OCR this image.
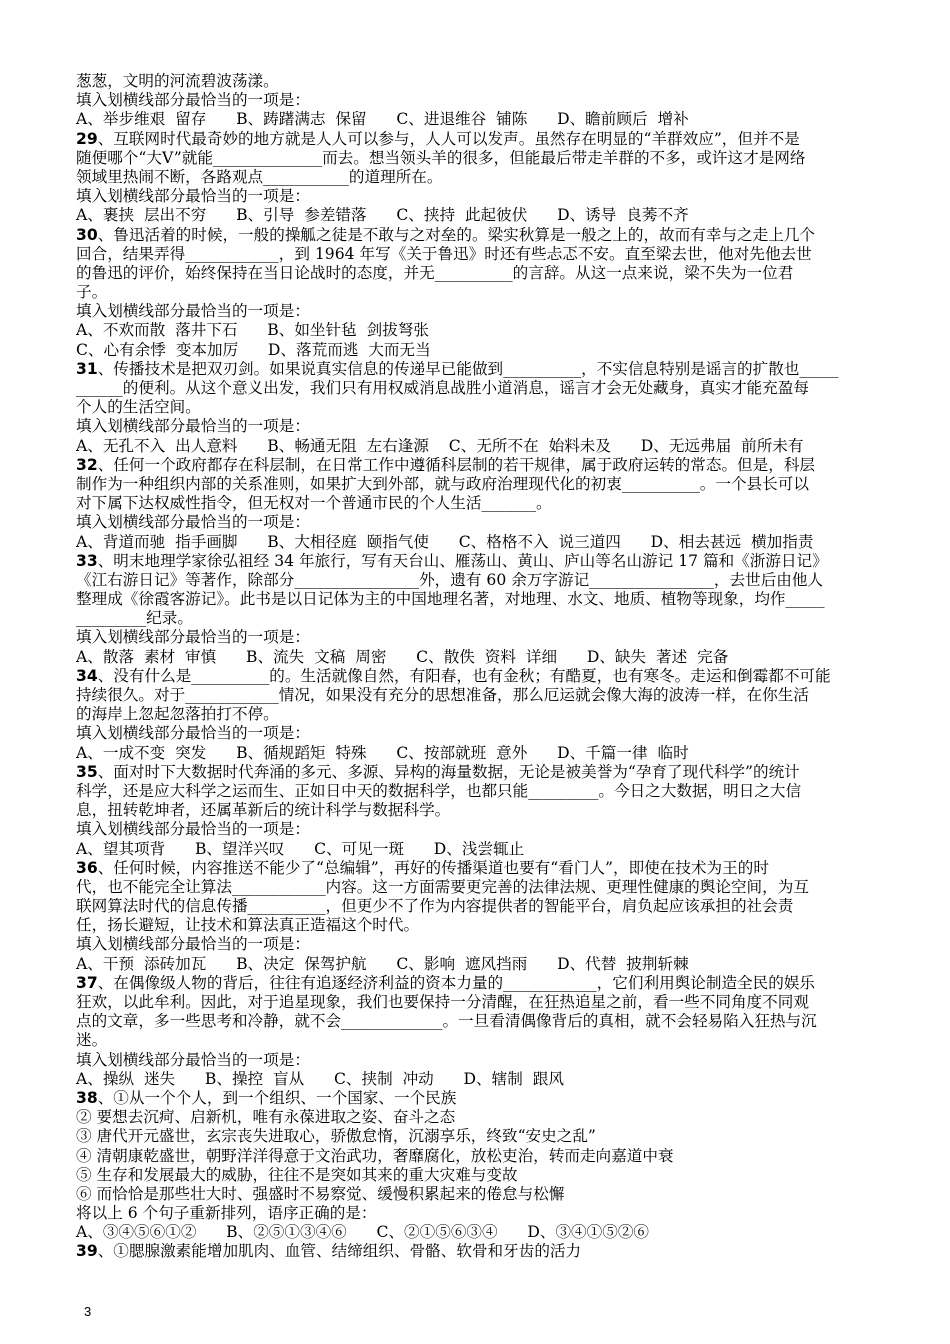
葱葱，文明的河流碧波荡漾。
填入划横线部分最恰当的一项是：
A、举步维艰  留存      B、踌躇满志  保留      C、进退维谷  铺陈      D、瞻前顾后  增补
29、互联网时代最奇妙的地方就是人人可以参与，人人可以发声。虽然存在明显的“羊群效应”，但并不是
随便哪个“大V”就能______________而去。想当领头羊的很多，但能最后带走羊群的不多，或许这才是网络
领域里热闹不断，各路观点___________的道理所在。
填入划横线部分最恰当的一项是：
A、裹挟  层出不穷      B、引导  参差错落      C、挟持  此起彼伏      D、诱导  良莠不齐
30、鲁迅活着的时候，一般的操觚之徒是不敢与之对垒的。梁实秋算是一般之上的，故而有幸与之走上几个
回合，结果弄得____________，到 1964 年写《关于鲁迅》时还有些忐忑不安。直至梁去世，他对先他去世
的鲁迅的评价，始终保持在当日论战时的态度，并无__________的言辞。从这一点来说，梁不失为一位君
子。
填入划横线部分最恰当的一项是：
A、不欢而散  落井下石      B、如坐针毡  剑拔弩张
C、心有余悸  变本加厉      D、落荒而逃  大而无当
31、传播技术是把双刃剑。如果说真实信息的传递早已能做到__________，不实信息特别是谣言的扩散也_____
______的便利。从这个意义出发，我们只有用权威消息战胜小道消息，谣言才会无处藏身，真实才能充盈每
个人的生活空间。
填入划横线部分最恰当的一项是：
A、无孔不入  出人意料      B、畅通无阻  左右逢源    C、无所不在  始料未及      D、无远弗届  前所未有
32、任何一个政府都存在科层制，在日常工作中遵循科层制的若干规律，属于政府运转的常态。但是，科层
制作为一种组织内部的关系准则，如果扩大到外部，就与政府治理现代化的初衷__________。一个县长可以
对下属下达权威性指令，但无权对一个普通市民的个人生活_______。
填入划横线部分最恰当的一项是：
A、背道而驰  指手画脚      B、大相径庭  颐指气使      C、格格不入  说三道四      D、相去甚远  横加指责
33、明末地理学家徐弘祖经 34 年旅行，写有天台山、雁荡山、黄山、庐山等名山游记 17 篇和《浙游日记》
《江右游日记》等著作，除部分________________外，遗有 60 余万字游记________________，去世后由他人
整理成《徐霞客游记》。此书是以日记体为主的中国地理名著，对地理、水文、地质、植物等现象，均作_____
_________纪录。
填入划横线部分最恰当的一项是：
A、散落  素材  审慎      B、流失  文稿  周密      C、散佚  资料  详细      D、缺失  著述  完备
34、没有什么是__________的。生活就像自然，有阳春，也有金秋；有酷夏，也有寒冬。走运和倒霉都不可能
持续很久。对于____________情况，如果没有充分的思想准备，那么厄运就会像大海的波涛一样，在你生活
的海岸上忽起忽落拍打不停。
填入划横线部分最恰当的一项是：
A、一成不变  突发      B、循规蹈矩  特殊      C、按部就班  意外      D、千篇一律  临时
35、面对时下大数据时代奔涌的多元、多源、异构的海量数据，无论是被美誉为“孕育了现代科学”的统计
科学，还是应大科学之运而生、正如日中天的数据科学，也都只能_________。今日之大数据，明日之大信
息，扭转乾坤者，还属革新后的统计科学与数据科学。
填入划横线部分最恰当的一项是：
A、望其项背      B、望洋兴叹      C、可见一斑      D、浅尝辄止
36、任何时候，内容推送不能少了“总编辑”，再好的传播渠道也要有“看门人”，即使在技术为王的时
代，也不能完全让算法____________内容。这一方面需要更完善的法律法规、更理性健康的舆论空间，为互
联网算法时代的信息传播__________，但更少不了作为内容提供者的智能平台，肩负起应该承担的社会责
任，扬长避短，让技术和算法真正造福这个时代。
填入划横线部分最恰当的一项是：
A、干预  添砖加瓦      B、决定  保驾护航      C、影响  遮风挡雨      D、代替  披荆斩棘
37、在偶像级人物的背后，往往有追逐经济利益的资本力量的____________，它们利用舆论制造全民的娱乐
狂欢，以此牟利。因此，对于追星现象，我们也要保持一分清醒，在狂热追星之前，看一些不同角度不同观
点的文章，多一些思考和冷静，就不会_____________。一旦看清偶像背后的真相，就不会轻易陷入狂热与沉
迷。
填入划横线部分最恰当的一项是：
A、操纵  迷失      B、操控  盲从      C、挟制  冲动      D、辖制  跟风
38、①从一个个人，到一个组织、一个国家、一个民族
② 要想去沉疴、启新机，唯有永葆进取之姿、奋斗之态
③ 唐代开元盛世，玄宗丧失进取心，骄傲怠惰，沉溺享乐，终致“安史之乱”
④ 清朝康乾盛世，朝野洋洋得意于文治武功，奢靡腐化，放松吏治，转而走向嘉道中衰
⑤ 生存和发展最大的威胁，往往不是突如其来的重大灾难与变故
⑥ 而恰恰是那些壮大时、强盛时不易察觉、缓慢积累起来的倦怠与松懈
将以上 6 个句子重新排列，语序正确的是：
A、③④⑤⑥①②      B、②⑤①③④⑥      C、②①⑤⑥③④      D、③④①⑤②⑥
39、①腮腺激素能增加肌肉、血管、结缔组织、骨骼、软骨和牙齿的活力
3
